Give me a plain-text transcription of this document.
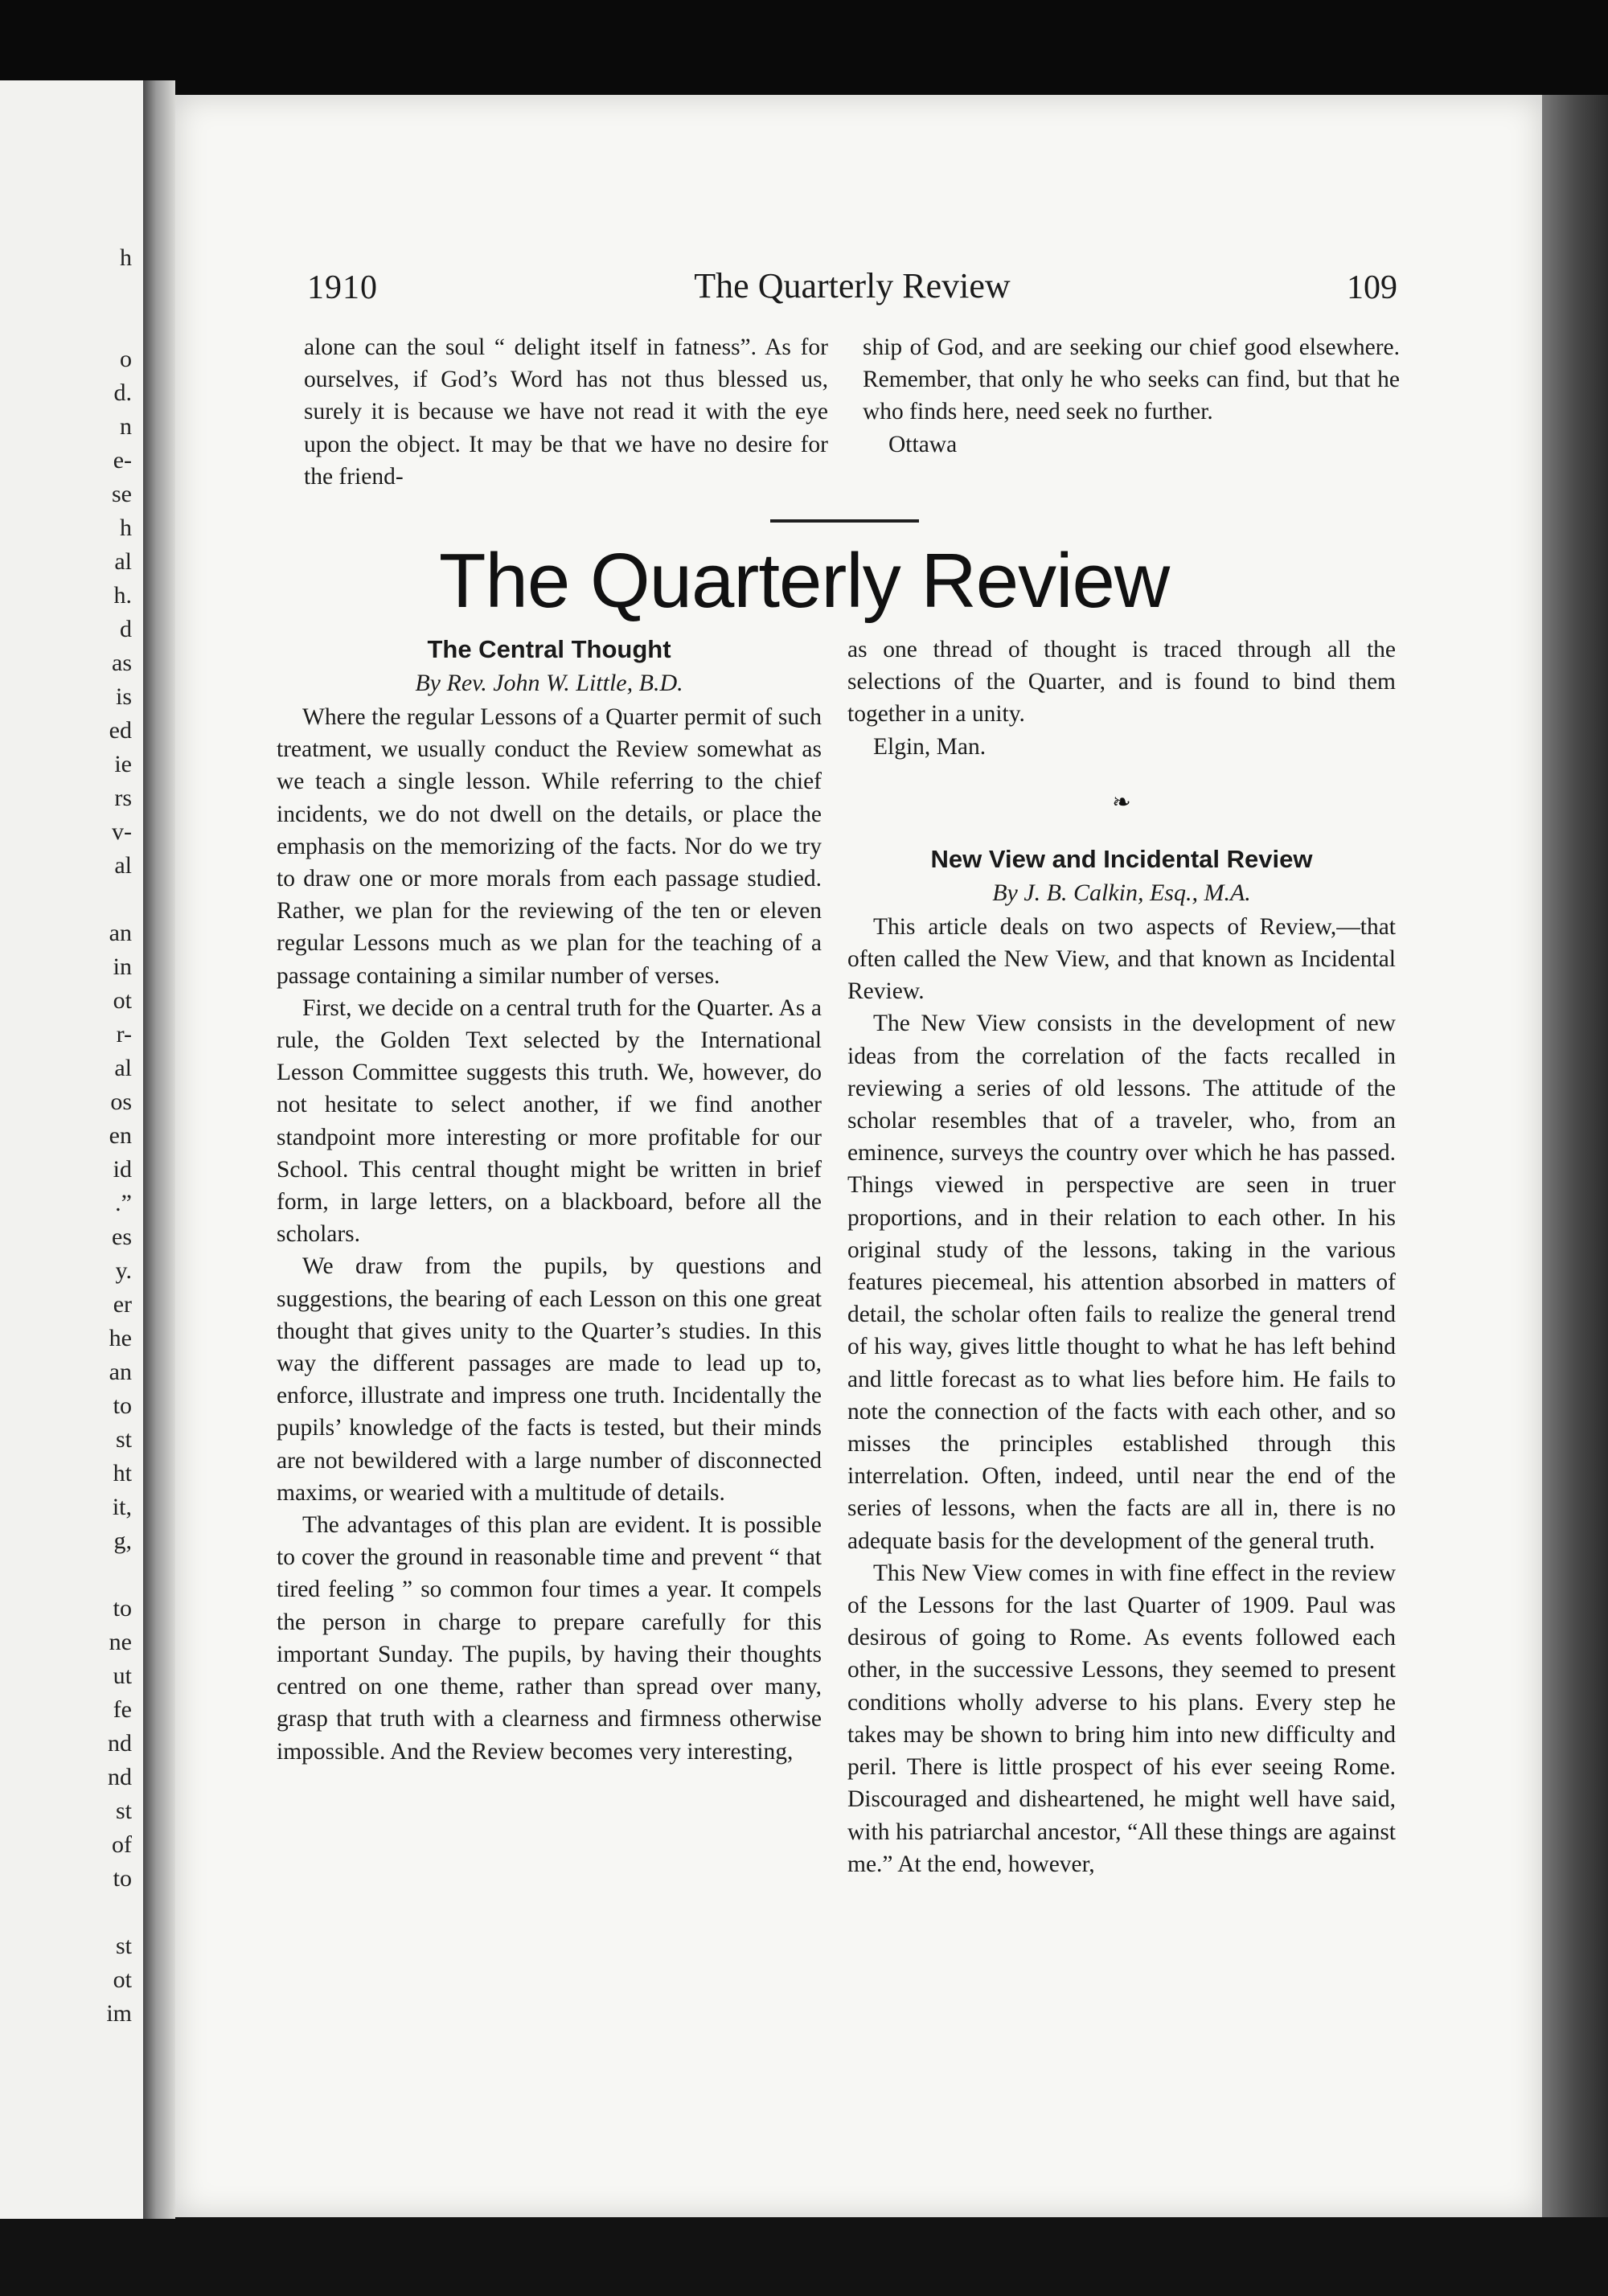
h

o
d.
n
e-
se
h
al
h.
d
as
is
ed
ie
rs
v-
al

an
in
ot
r-
al
os
en
id
.”
es
y.
er
he
an
to
st
ht
it,
g,

to
ne
ut
fe
nd
nd
st
of
to

st
ot
im
1910	The Quarterly Review	109

alone can the soul “ delight itself in fatness”. As for ourselves, if God’s Word has not thus blessed us, surely it is because we have not read it with the eye upon the object. It may be that we have no desire for the friend-

ship of God, and are seeking our chief good elsewhere. Remember, that only he who seeks can find, but that he who finds here, need seek no further.

Ottawa
The Quarterly Review
The Central Thought
By Rev. John W. Little, B.D.

Where the regular Lessons of a Quarter permit of such treatment, we usually conduct the Review somewhat as we teach a single lesson. While referring to the chief incidents, we do not dwell on the details, or place the emphasis on the memorizing of the facts. Nor do we try to draw one or more morals from each passage studied. Rather, we plan for the reviewing of the ten or eleven regular Lessons much as we plan for the teaching of a passage containing a similar number of verses.

First, we decide on a central truth for the Quarter. As a rule, the Golden Text selected by the International Lesson Committee suggests this truth. We, however, do not hesitate to select another, if we find another standpoint more interesting or more profitable for our School. This central thought might be written in brief form, in large letters, on a blackboard, before all the scholars.

We draw from the pupils, by questions and suggestions, the bearing of each Lesson on this one great thought that gives unity to the Quarter’s studies. In this way the different passages are made to lead up to, enforce, illustrate and impress one truth. Incidentally the pupils’ knowledge of the facts is tested, but their minds are not bewildered with a large number of disconnected maxims, or wearied with a multitude of details.

The advantages of this plan are evident. It is possible to cover the ground in reasonable time and prevent “ that tired feeling ” so common four times a year. It compels the person in charge to prepare carefully for this important Sunday. The pupils, by having their thoughts centred on one theme, rather than spread over many, grasp that truth with a clearness and firmness otherwise impossible. And the Review becomes very interesting,

as one thread of thought is traced through all the selections of the Quarter, and is found to bind them together in a unity.

Elgin, Man.
❧
New View and Incidental Review
By J. B. Calkin, Esq., M.A.

This article deals on two aspects of Review,—that often called the New View, and that known as Incidental Review.

The New View consists in the development of new ideas from the correlation of the facts recalled in reviewing a series of old lessons. The attitude of the scholar resembles that of a traveler, who, from an eminence, surveys the country over which he has passed. Things viewed in perspective are seen in truer proportions, and in their relation to each other. In his original study of the lessons, taking in the various features piecemeal, his attention absorbed in matters of detail, the scholar often fails to realize the general trend of his way, gives little thought to what he has left behind and little forecast as to what lies before him. He fails to note the connection of the facts with each other, and so misses the principles established through this interrelation. Often, indeed, until near the end of the series of lessons, when the facts are all in, there is no adequate basis for the development of the general truth.

This New View comes in with fine effect in the review of the Lessons for the last Quarter of 1909. Paul was desirous of going to Rome. As events followed each other, in the successive Lessons, they seemed to present conditions wholly adverse to his plans. Every step he takes may be shown to bring him into new difficulty and peril. There is little prospect of his ever seeing Rome. Discouraged and disheartened, he might well have said, with his patriarchal ancestor, “All these things are against me.” At the end, however,
